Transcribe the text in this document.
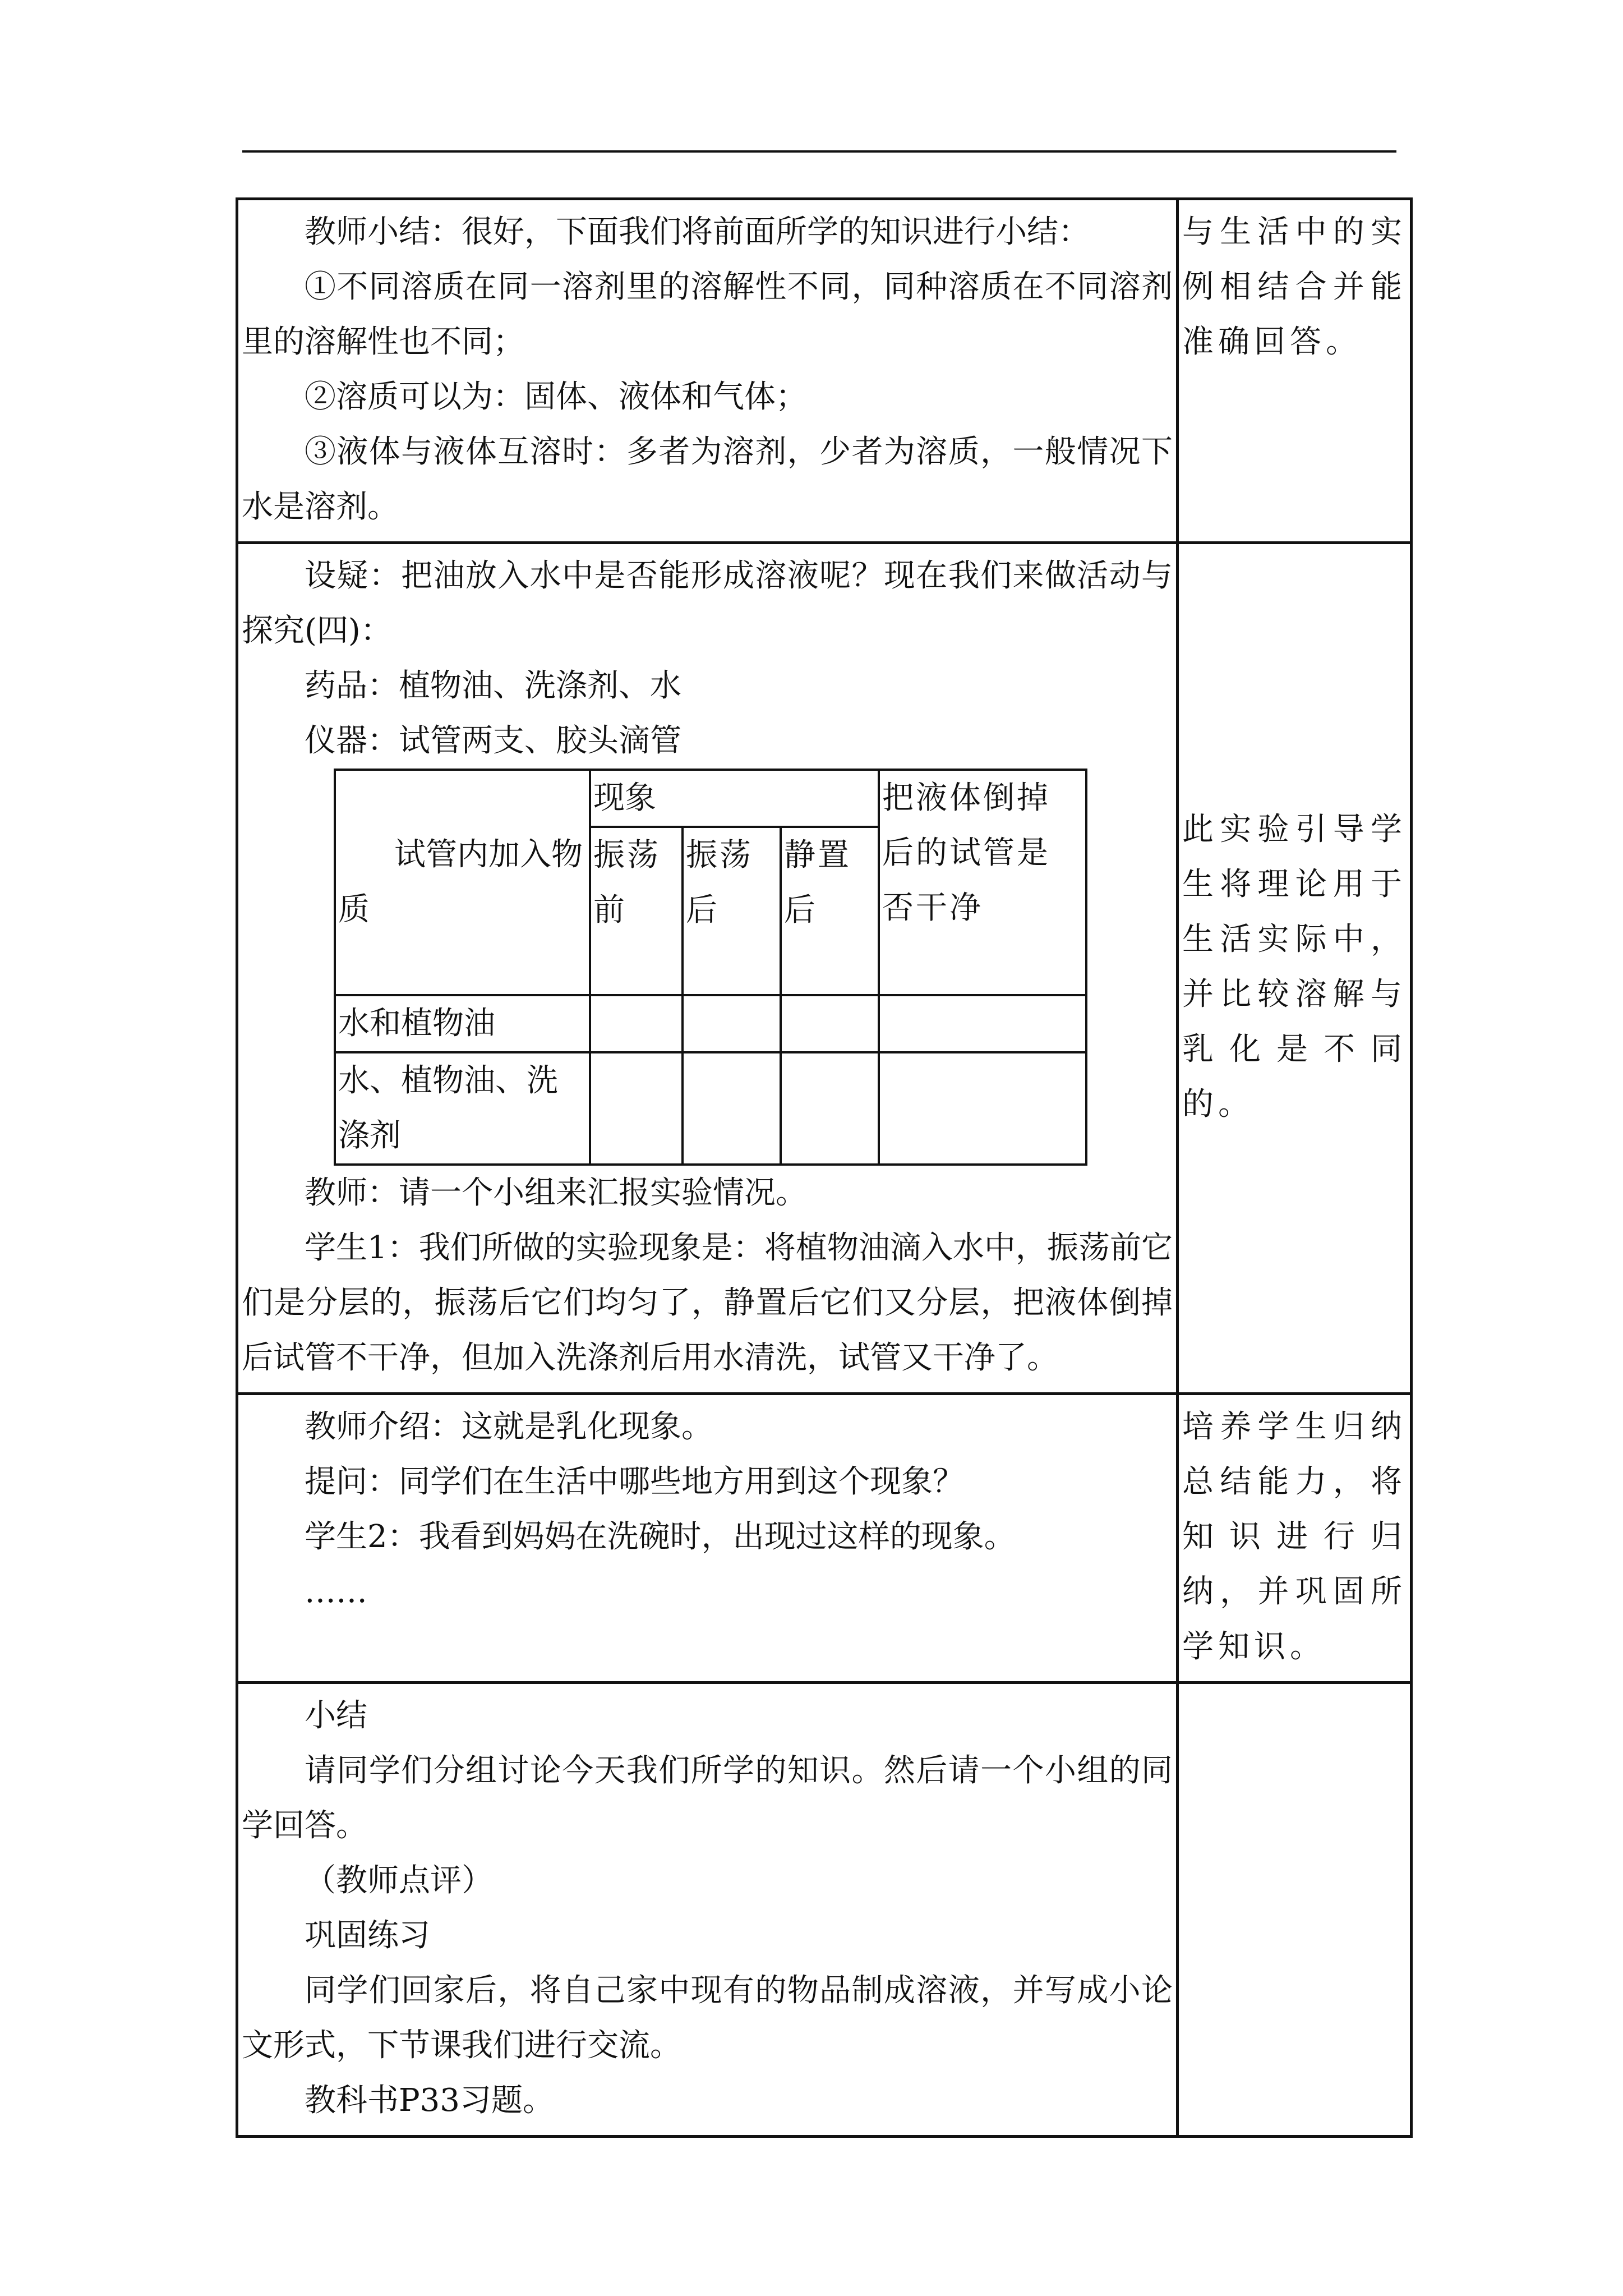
教师小结：很好，下面我们将前面所学的知识进行小结：

①不同溶质在同一溶剂里的溶解性不同，同种溶质在不同溶剂里的溶解性也不同；

②溶质可以为：固体、液体和气体；

③液体与液体互溶时：多者为溶剂，少者为溶质，一般情况下水是溶剂。

与生活中的实例相结合并能准确回答。

设疑：把油放入水中是否能形成溶液呢？现在我们来做活动与探究(四)：

药品：植物油、洗涤剂、水

仪器：试管两支、胶头滴管

试管内加入物质	现象	把液体倒掉后的试管是否干净
振荡前	振荡后	静置后
水和植物油				
水、植物油、洗涤剂				

教师：请一个小组来汇报实验情况。

学生1：我们所做的实验现象是：将植物油滴入水中，振荡前它们是分层的，振荡后它们均匀了，静置后它们又分层，把液体倒掉后试管不干净，但加入洗涤剂后用水清洗，试管又干净了。

此实验引导学生将理论用于生活实际中，并比较溶解与乳化是不同的。

教师介绍：这就是乳化现象。

提问：同学们在生活中哪些地方用到这个现象？

学生2：我看到妈妈在洗碗时，出现过这样的现象。

……

培养学生归纳总结能力，将知识进行归纳，并巩固所学知识。

小结

请同学们分组讨论今天我们所学的知识。然后请一个小组的同学回答。

（教师点评）

巩固练习

同学们回家后，将自己家中现有的物品制成溶液，并写成小论文形式，下节课我们进行交流。

教科书P33习题。
